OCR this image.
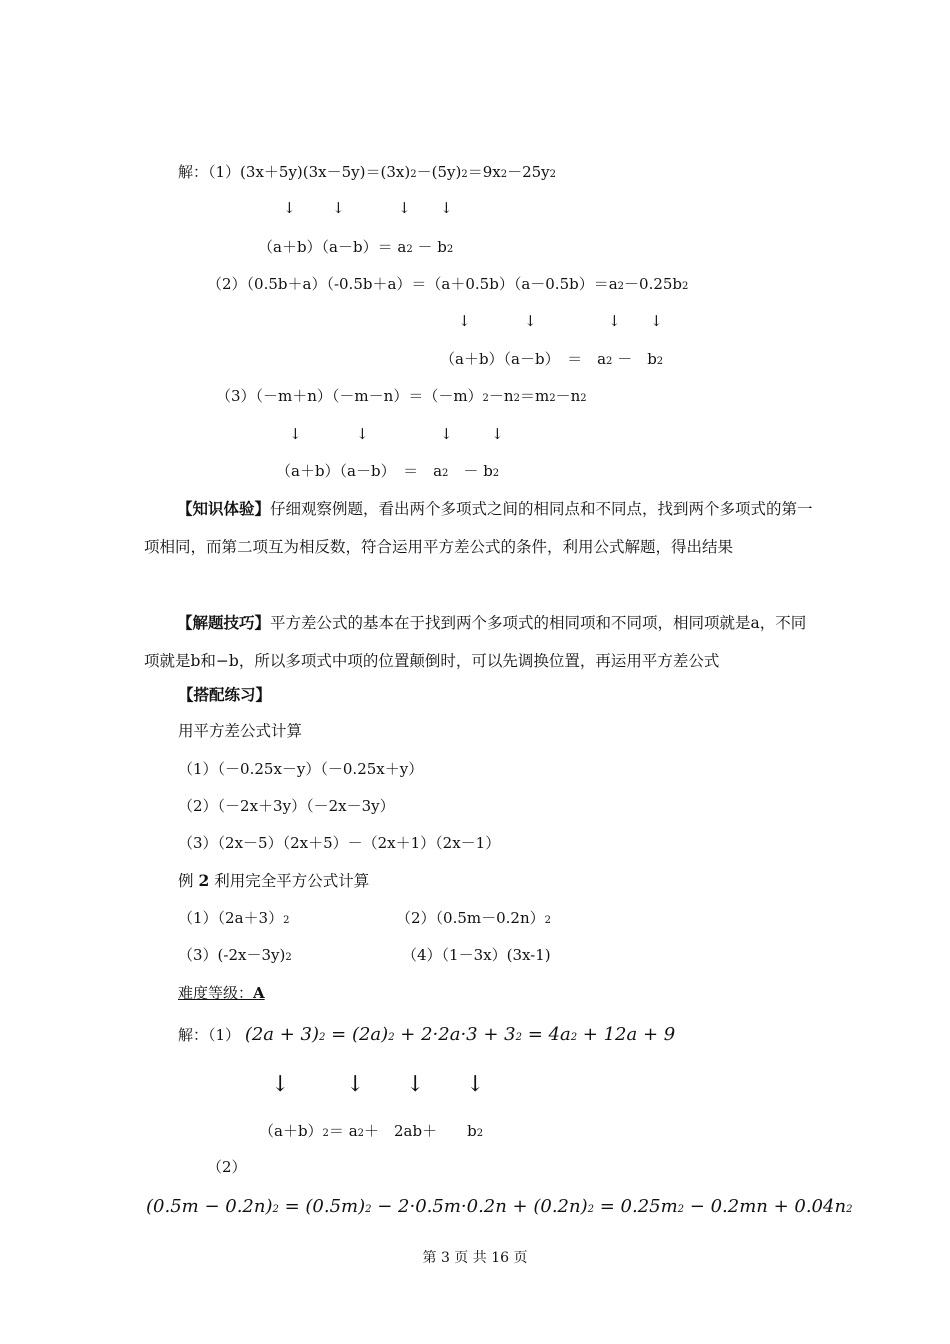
解：（1）(3x＋5y)(3x－5y)＝(3x)2－(5y)2＝9x2－25y2
↓ ↓	↓ ↓
（a＋b）（a－b）＝ a2 － b2
（2）（0.5b＋a）（-0.5b＋a）＝（a＋0.5b）（a－0.5b）＝a2－0.25b2
↓	↓	↓ ↓
（a＋b）（a－b）　＝　a2 －　b2
（3）（－m＋n）（－m－n）＝（－m）2－n2＝m2－n2
↓	↓	↓	↓
（a＋b）（a－b）　＝　a2　－ b2
【知识体验】仔细观察例题，看出两个多项式之间的相同点和不同点，找到两个多项式的第一项相同，而第二项互为相反数，符合运用平方差公式的条件，利用公式解题，得出结果
【解题技巧】平方差公式的基本在于找到两个多项式的相同项和不同项，相同项就是a，不同项就是b和−b，所以多项式中项的位置颠倒时，可以先调换位置，再运用平方差公式
【搭配练习】
用平方差公式计算
（1）（－0.25x－y）（－0.25x＋y）
（2）（－2x＋3y）（－2x－3y）
（3）（2x－5）（2x＋5）－（2x＋1）（2x－1）
例 2 利用完全平方公式计算
（1）（2a＋3）2	（2）（0.5m－0.2n）2
（3）(-2x－3y)2	（4）（1－3x）(3x-1)
难度等级：A
解：（1） (2a + 3)2 = (2a)2 + 2·2a·3 + 32 = 4a2 + 12a + 9
↓	↓ ↓ ↓
（a＋b）2＝ a2＋　2ab＋　　b2
（2）
(0.5m − 0.2n)2 = (0.5m)2 − 2·0.5m·0.2n + (0.2n)2 = 0.25m2 − 0.2mn + 0.04n2
第 3 页 共 16 页
